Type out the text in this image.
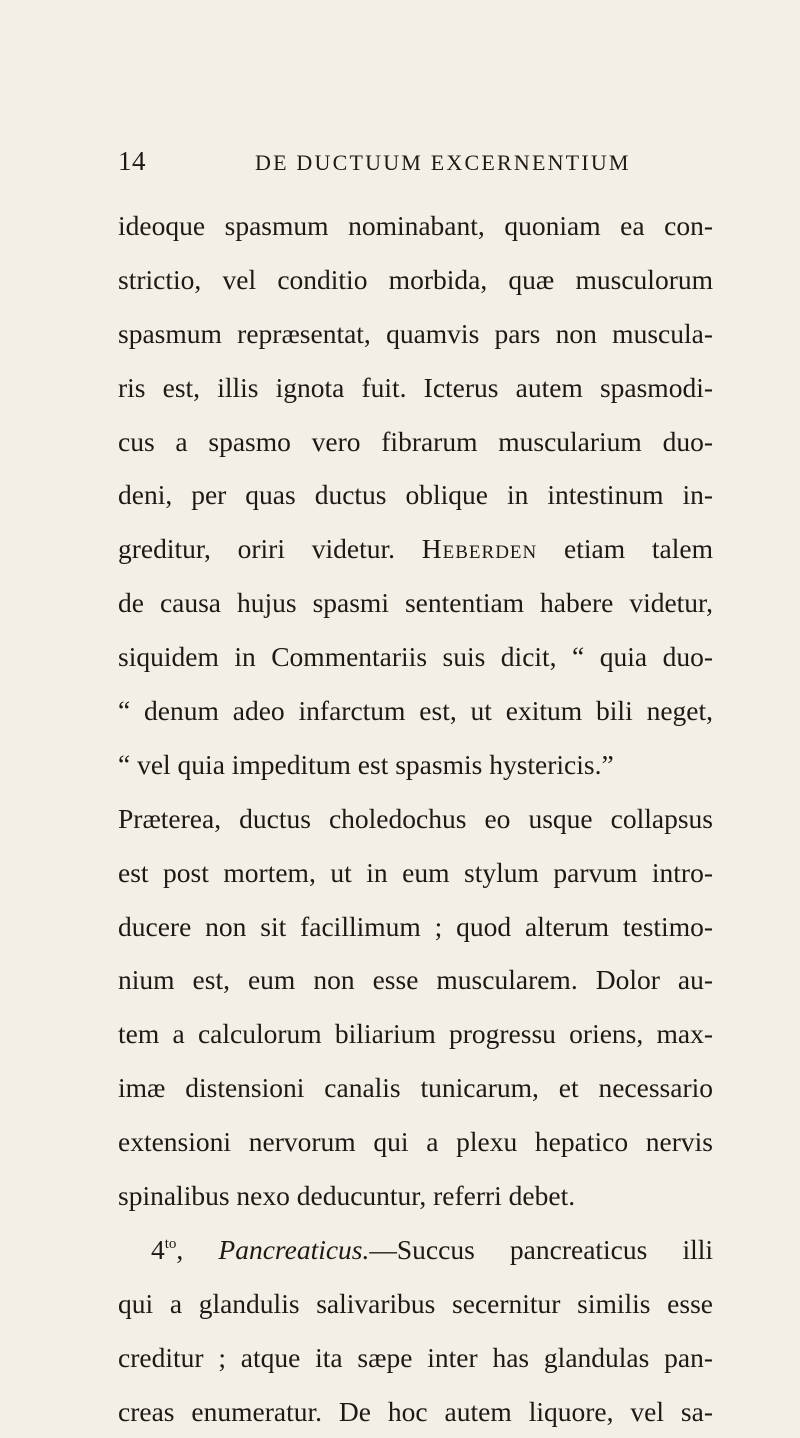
14	DE DUCTUUM EXCERNENTIUM
ideoque spasmum nominabant, quoniam ea con-
strictio, vel conditio morbida, quæ musculorum
spasmum repræsentat, quamvis pars non muscula-
ris est, illis ignota fuit. Icterus autem spasmodi-
cus a spasmo vero fibrarum muscularium duo-
deni, per quas ductus oblique in intestinum in-
greditur, oriri videtur. Heberden etiam talem
de causa hujus spasmi sententiam habere videtur,
siquidem in Commentariis suis dicit, “ quia duo-
“ denum adeo infarctum est, ut exitum bili neget,
“ vel quia impeditum est spasmis hystericis.”
Præterea, ductus choledochus eo usque collapsus
est post mortem, ut in eum stylum parvum intro-
ducere non sit facillimum ; quod alterum testimo-
nium est, eum non esse muscularem. Dolor au-
tem a calculorum biliarium progressu oriens, max-
imæ distensioni canalis tunicarum, et necessario
extensioni nervorum qui a plexu hepatico nervis
spinalibus nexo deducuntur, referri debet.
$4^{to}$, Pancreaticus.—Succus pancreaticus illi
qui a glandulis salivaribus secernitur similis esse
creditur ; atque ita sæpe inter has glandulas pan-
creas enumeratur. De hoc autem liquore, vel sa-
